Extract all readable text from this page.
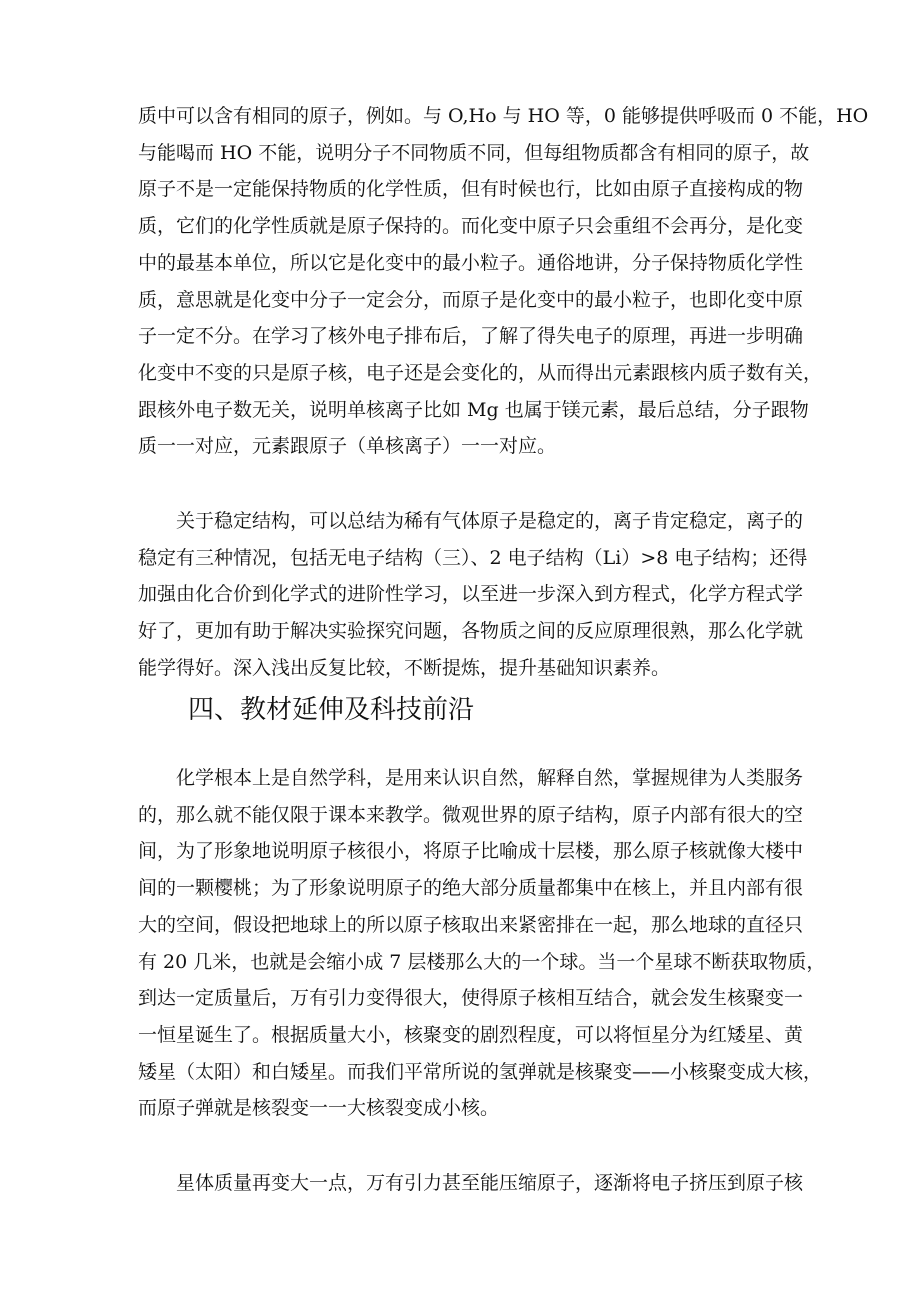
质中可以含有相同的原子，例如。与 O,Ho 与 HO 等，0 能够提供呼吸而 0 不能，HO
与能喝而 HO 不能，说明分子不同物质不同，但每组物质都含有相同的原子，故
原子不是一定能保持物质的化学性质，但有时候也行，比如由原子直接构成的物
质，它们的化学性质就是原子保持的。而化变中原子只会重组不会再分，是化变
中的最基本单位，所以它是化变中的最小粒子。通俗地讲，分子保持物质化学性
质，意思就是化变中分子一定会分，而原子是化变中的最小粒子，也即化变中原
子一定不分。在学习了核外电子排布后，了解了得失电子的原理，再进一步明确
化变中不变的只是原子核，电子还是会变化的，从而得出元素跟核内质子数有关，
跟核外电子数无关，说明单核离子比如 Mg 也属于镁元素，最后总结，分子跟物
质一一对应，元素跟原子（单核离子）一一对应。
关于稳定结构，可以总结为稀有气体原子是稳定的，离子肯定稳定，离子的
稳定有三种情况，包括无电子结构（三）、2 电子结构（Li）>8 电子结构；还得
加强由化合价到化学式的进阶性学习，以至进一步深入到方程式，化学方程式学
好了，更加有助于解决实验探究问题，各物质之间的反应原理很熟，那么化学就
能学得好。深入浅出反复比较，不断提炼，提升基础知识素养。
四、教材延伸及科技前沿
化学根本上是自然学科，是用来认识自然，解释自然，掌握规律为人类服务
的，那么就不能仅限于课本来教学。微观世界的原子结构，原子内部有很大的空
间，为了形象地说明原子核很小，将原子比喻成十层楼，那么原子核就像大楼中
间的一颗樱桃；为了形象说明原子的绝大部分质量都集中在核上，并且内部有很
大的空间，假设把地球上的所以原子核取出来紧密排在一起，那么地球的直径只
有 20 几米，也就是会缩小成 7 层楼那么大的一个球。当一个星球不断获取物质，
到达一定质量后，万有引力变得很大，使得原子核相互结合，就会发生核聚变一
一恒星诞生了。根据质量大小，核聚变的剧烈程度，可以将恒星分为红矮星、黄
矮星（太阳）和白矮星。而我们平常所说的氢弹就是核聚变——小核聚变成大核，
而原子弹就是核裂变一一大核裂变成小核。
星体质量再变大一点，万有引力甚至能压缩原子，逐渐将电子挤压到原子核
